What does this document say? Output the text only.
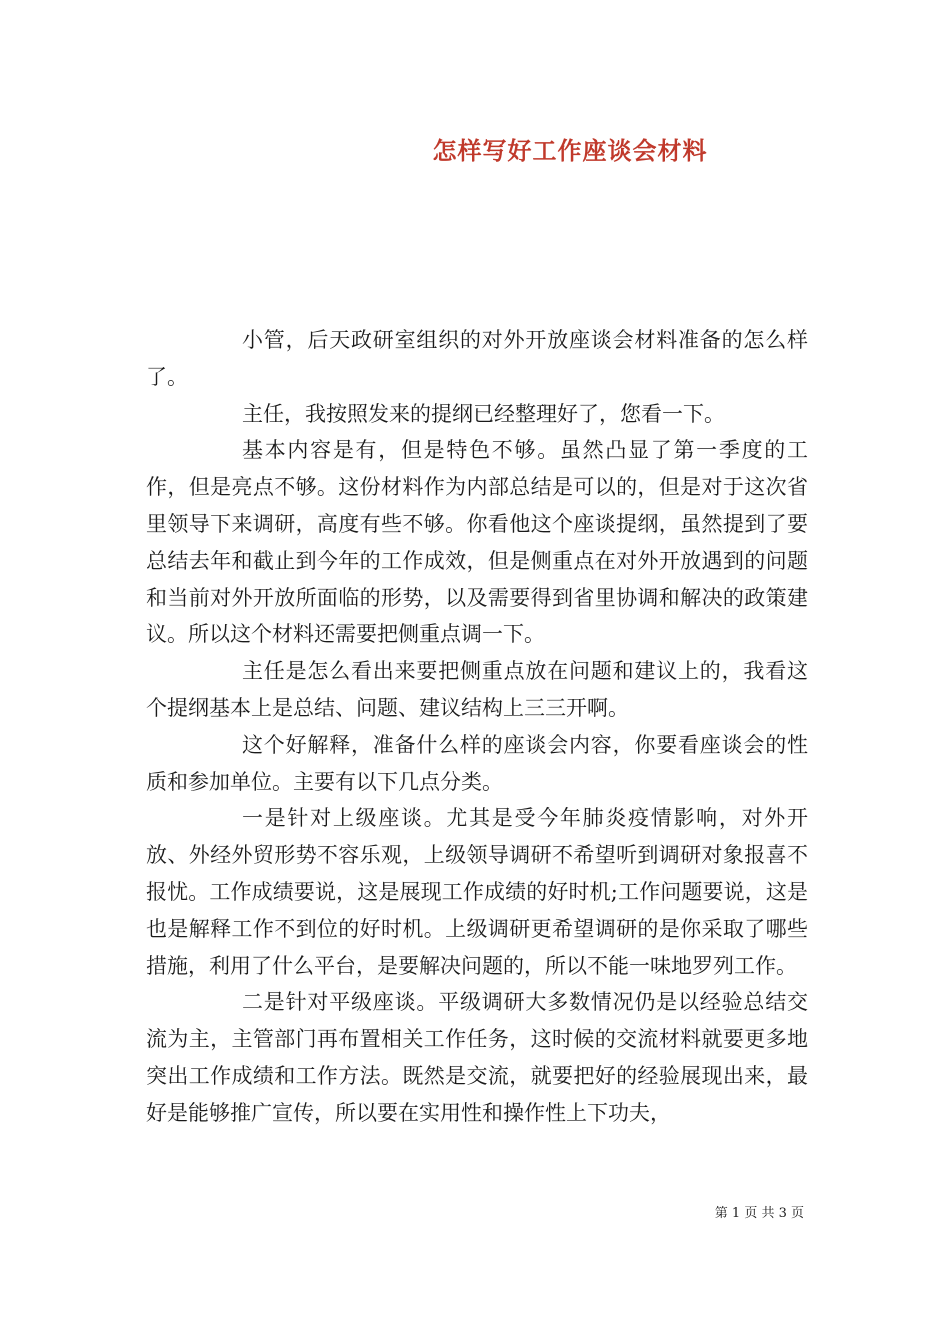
怎样写好工作座谈会材料

小管，后天政研室组织的对外开放座谈会材料准备的怎么样了。

主任，我按照发来的提纲已经整理好了，您看一下。

基本内容是有，但是特色不够。虽然凸显了第一季度的工作，但是亮点不够。这份材料作为内部总结是可以的，但是对于这次省里领导下来调研，高度有些不够。你看他这个座谈提纲，虽然提到了要总结去年和截止到今年的工作成效，但是侧重点在对外开放遇到的问题和当前对外开放所面临的形势，以及需要得到省里协调和解决的政策建议。所以这个材料还需要把侧重点调一下。

主任是怎么看出来要把侧重点放在问题和建议上的，我看这个提纲基本上是总结、问题、建议结构上三三开啊。

这个好解释，准备什么样的座谈会内容，你要看座谈会的性质和参加单位。主要有以下几点分类。

一是针对上级座谈。尤其是受今年肺炎疫情影响，对外开放、外经外贸形势不容乐观，上级领导调研不希望听到调研对象报喜不报忧。工作成绩要说，这是展现工作成绩的好时机;工作问题要说，这是也是解释工作不到位的好时机。上级调研更希望调研的是你采取了哪些措施，利用了什么平台，是要解决问题的，所以不能一味地罗列工作。

二是针对平级座谈。平级调研大多数情况仍是以经验总结交流为主，主管部门再布置相关工作任务，这时候的交流材料就要更多地突出工作成绩和工作方法。既然是交流，就要把好的经验展现出来，最好是能够推广宣传，所以要在实用性和操作性上下功夫，

第 1 页 共 3 页
